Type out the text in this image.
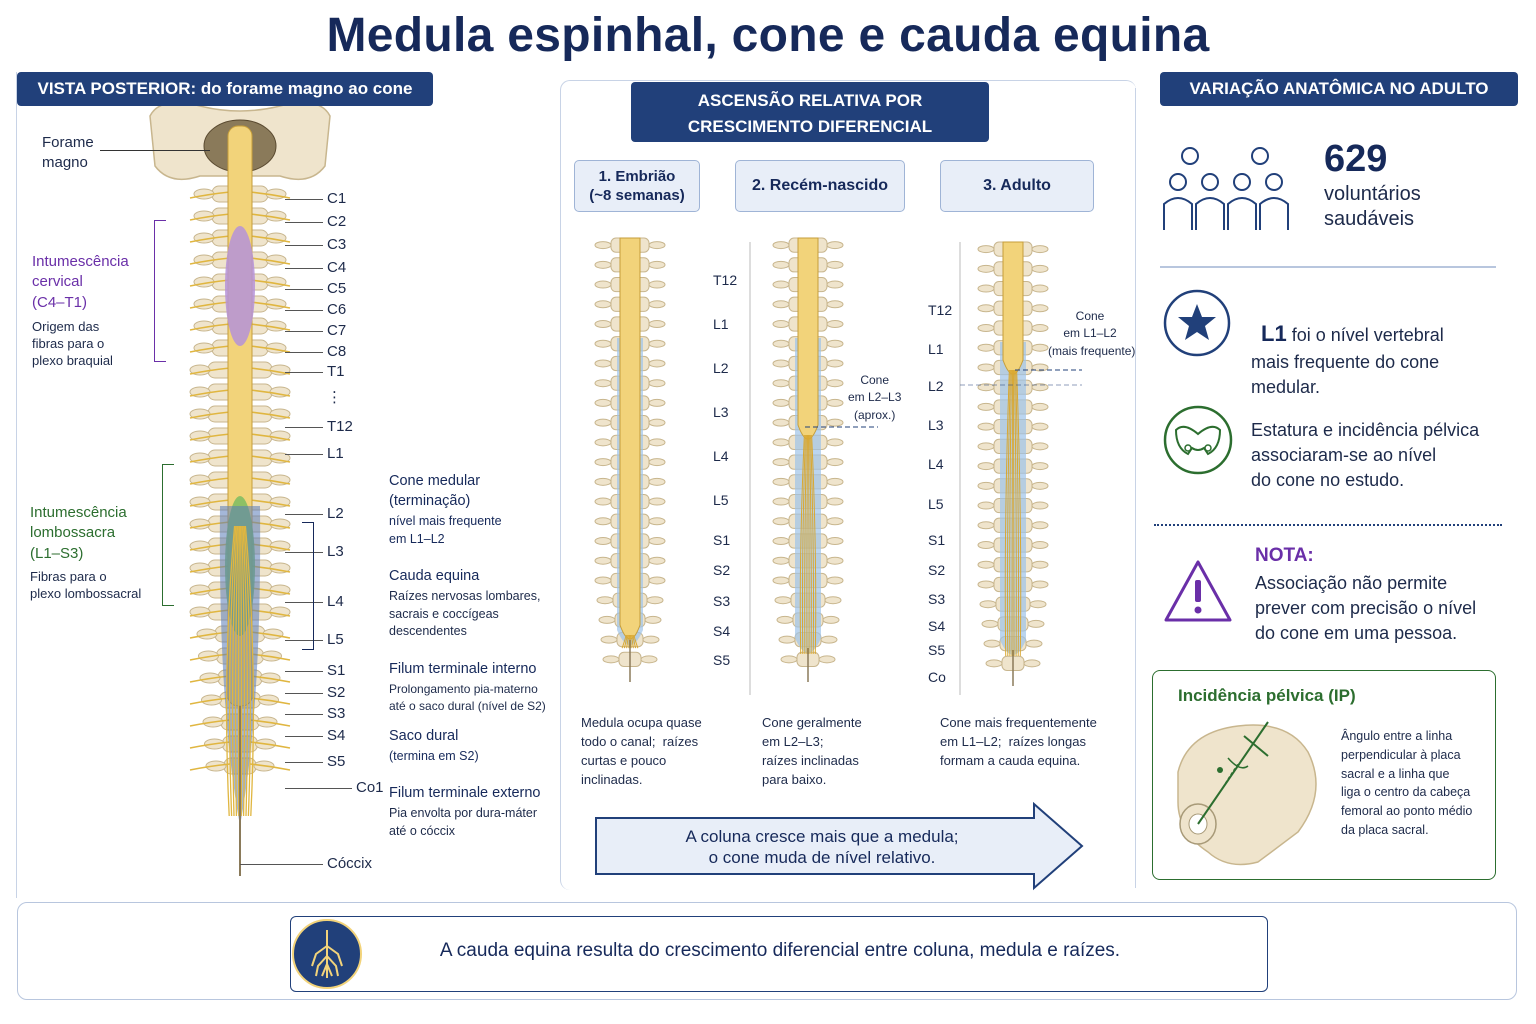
Medula espinhal, cone e cauda equina
VISTA POSTERIOR: do forame magno ao cone
Forame
magno
C1
C2
C3
C4
C5
C6
C7
C8
T1
⋮
T12
L1
L2
L3
L4
L5
S1
S2
S3
S4
S5
Co1
Cóccix
Intumescência
cervical
(C4–T1)
Origem das
fibras para o
plexo braquial
Intumescência
lombossacra
(L1–S3)
Fibras para o
plexo lombossacral
Cone medular
(terminação)
nível mais frequente
em L1–L2
Cauda equina
Raízes nervosas lombares,
sacrais e coccígeas
descendentes
Filum terminale interno
Prolongamento pia-materno
até o saco dural (nível de S2)
Saco dural
(termina em S2)
Filum terminale externo
Pia envolta por dura-máter
até o cóccix
ASCENSÃO RELATIVA POR
CRESCIMENTO DIFERENCIAL
1. Embrião
(~8 semanas)
2. Recém-nascido	3. Adulto
T12
L1
L2
L3
L4
L5
S1
S2
S3
S4
S5
T12
L1
L2
L3
L4
L5
S1
S2
S3
S4
S5
Co
Cone
em L2–L3
(aprox.)
Cone
em L1–L2
(mais frequente)
Medula ocupa quase
todo o canal;  raízes
curtas e pouco
inclinadas.
Cone geralmente
em L2–L3;
raízes inclinadas
para baixo.
Cone mais frequentemente
em L1–L2;  raízes longas
formam a cauda equina.
A coluna cresce mais que a medula;
o cone muda de nível relativo.
VARIAÇÃO ANATÔMICA NO ADULTO
629
voluntários
saudáveis

L1 foi o nível vertebral
mais frequente do cone
medular.

Estatura e incidência pélvica
associaram-se ao nível
do cone no estudo.
NOTA:
Associação não permite
prever com precisão o nível
do cone em uma pessoa.
Incidência pélvica (IP)
Ângulo entre a linha
perpendicular à placa
sacral e a linha que
liga o centro da cabeça
femoral ao ponto médio
da placa sacral.
A cauda equina resulta do crescimento diferencial entre coluna, medula e raízes.
